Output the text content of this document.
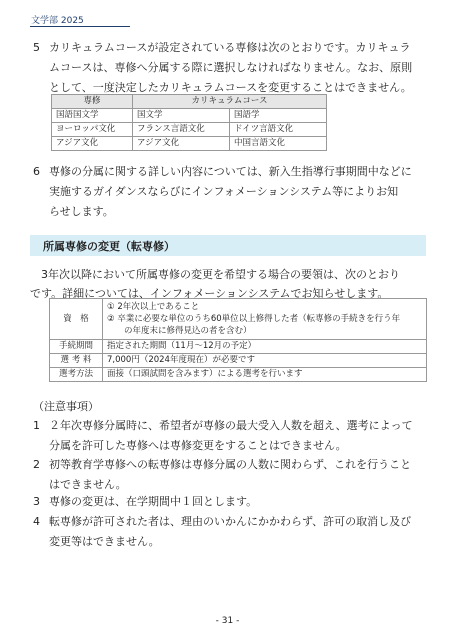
文学部 2025
5 カリキュラムコースが設定されている専修は次のとおりです。カリキュラ
ムコースは、専修へ分属する際に選択しなければなりません。なお、原則
として、一度決定したカリキュラムコースを変更することはできません。
専修	カリキュラムコース	
国語国文学	国文学	国語学
ヨーロッパ文化	フランス言語文化	ドイツ言語文化
アジア文化	アジア文化	中国言語文化
6 専修の分属に関する詳しい内容については、新入生指導行事期間中などに
実施するガイダンスならびにインフォメーションシステム等によりお知
らせします。
所属専修の変更（転専修）
　3年次以降において所属専修の変更を希望する場合の要領は、次のとおり
です。詳細については、インフォメーションシステムでお知らせします。
資　格	① 2年次以上であること
② 卒業に必要な単位のうち60単位以上修得した者（転専修の手続きを行う年
　　の年度末に修得見込の者を含む）

手続期間	指定された期間（11月～12月の予定）
選 考 料	7,000円（2024年度現在）が必要です
選考方法	面接（口頭試問を含みます）による選考を行います
（注意事項）
1 ２年次専修分属時に、希望者が専修の最大受入人数を超え、選考によって
分属を許可した専修へは専修変更をすることはできません。
2 初等教育学専修への転専修は専修分属の人数に関わらず、これを行うこと
はできません。
3 専修の変更は、在学期間中１回とします。
4 転専修が許可された者は、理由のいかんにかかわらず、許可の取消し及び
変更等はできません。
- 31 -
